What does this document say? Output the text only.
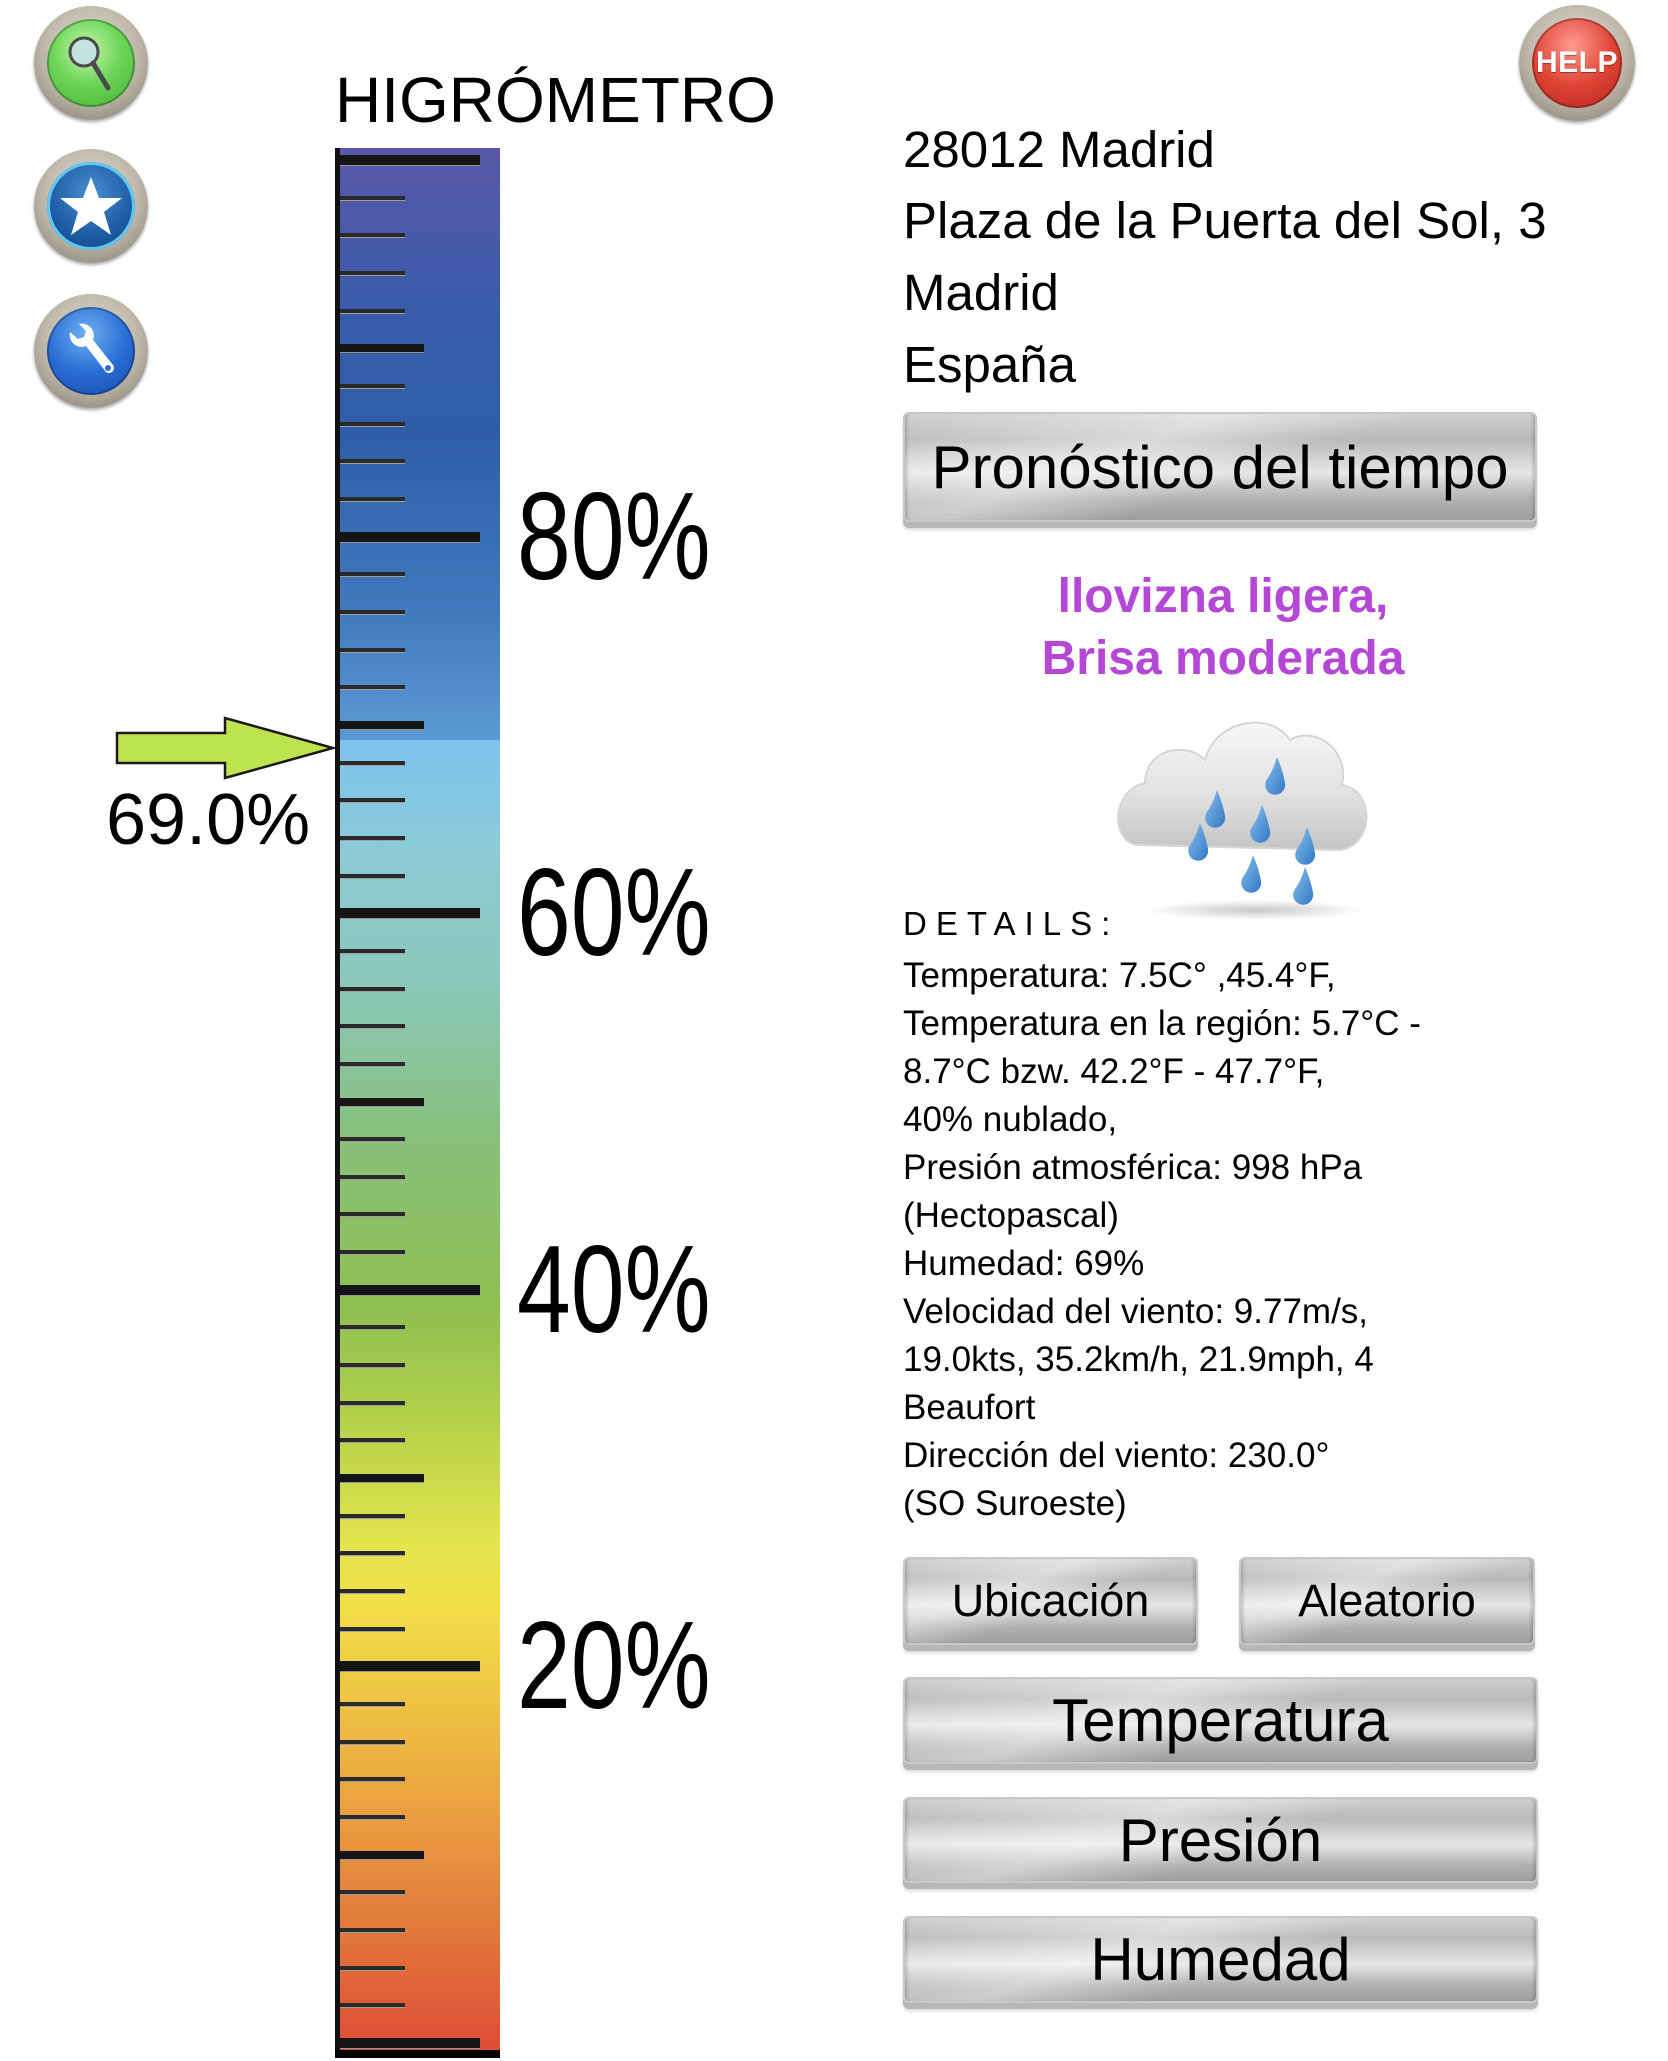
HELP
HIGRÓMETRO
80%
60%
40%
20%
69.0%
28012 Madrid
Plaza de la Puerta del Sol, 3
Madrid
España
Pronóstico del tiempo
llovizna ligera,
Brisa moderada
DETAILS:
Temperatura: 7.5C° ,45.4°F,
Temperatura en la región: 5.7°C -
8.7°C bzw. 42.2°F - 47.7°F,
40% nublado,
Presión atmosférica: 998 hPa
(Hectopascal)
Humedad: 69%
Velocidad del viento: 9.77m/s,
19.0kts, 35.2km/h, 21.9mph, 4
Beaufort
Dirección del viento: 230.0°
(SO Suroeste)
Ubicación	Aleatorio
Temperatura
Presión
Humedad
